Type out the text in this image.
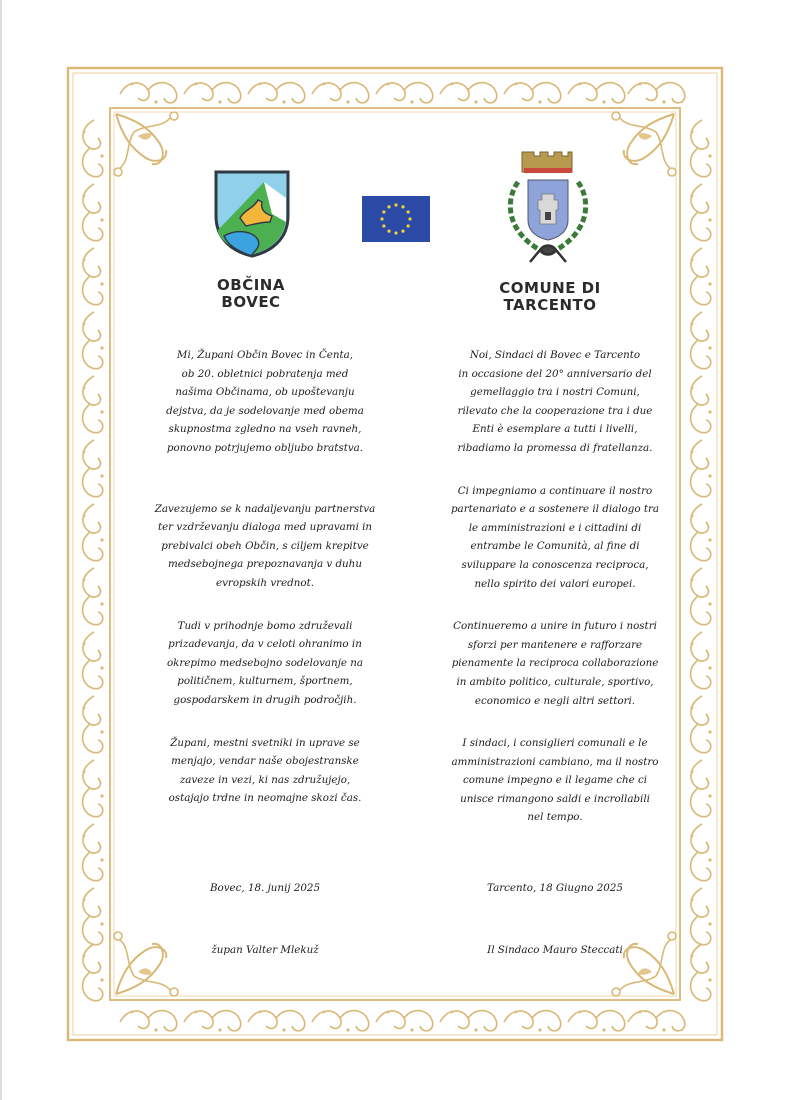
OBČINA
BOVEC
COMUNE DI
TARCENTO

Mi, Župani Občin Bovec in Čenta,
ob 20. obletnici pobratenja med
našima Občinama, ob upoštevanju
dejstva, da je sodelovanje med obema
skupnostma zgledno na vseh ravneh,
ponovno potrjujemo obljubo bratstva.

Zavezujemo se k nadaljevanju partnerstva
ter vzdrževanju dialoga med upravami in
prebivalci obeh Občin, s ciljem krepitve
medsebojnega prepoznavanja v duhu
evropskih vrednot.

Tudi v prihodnje bomo združevali
prizadevanja, da v celoti ohranimo in
okrepimo medsebojno sodelovanje na
političnem, kulturnem, športnem,
gospodarskem in drugih področjih.

Župani, mestni svetniki in uprave se
menjajo, vendar naše obojestranske
zaveze in vezi, ki nas združujejo,
ostajajo trdne in neomajne skozi čas.

Noi, Sindaci di Bovec e Tarcento
in occasione del 20° anniversario del
gemellaggio tra i nostri Comuni,
rilevato che la cooperazione tra i due
Enti è esemplare a tutti i livelli,
ribadiamo la promessa di fratellanza.

Ci impegniamo a continuare il nostro
partenariato e a sostenere il dialogo tra
le amministrazioni e i cittadini di
entrambe le Comunità, al fine di
sviluppare la conoscenza reciproca,
nello spirito dei valori europei.

Continueremo a unire in futuro i nostri
sforzi per mantenere e rafforzare
pienamente la reciproca collaborazione
in ambito politico, culturale, sportivo,
economico e negli altri settori.

I sindaci, i consiglieri comunali e le
amministrazioni cambiano, ma il nostro
comune impegno e il legame che ci
unisce rimangono saldi e incrollabili
nel tempo.

Bovec, 18. junij 2025	Tarcento, 18 Giugno 2025
župan Valter Mlekuž	Il Sindaco Mauro Steccati
